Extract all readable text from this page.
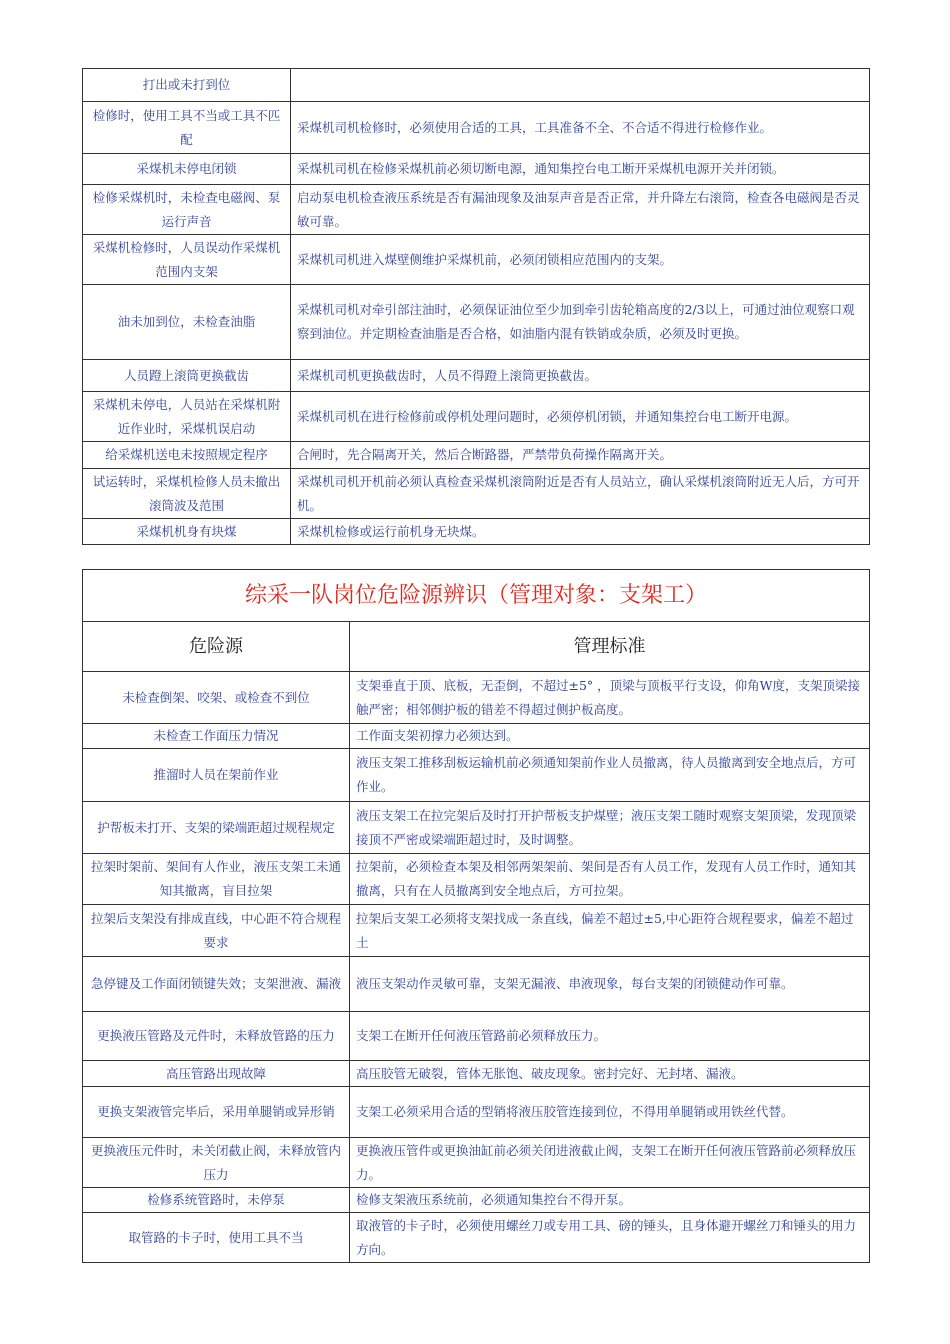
打出或未打到位	
检修时，使用工具不当或工具不匹配	采煤机司机检修时，必须使用合适的工具，工具准备不全、不合适不得进行检修作业。
采煤机未停电闭锁	采煤机司机在检修采煤机前必须切断电源，通知集控台电工断开采煤机电源开关并闭锁。
检修采煤机时，未检查电磁阀、泵运行声音	启动泵电机检查液压系统是否有漏油现象及油泵声音是否正常，并升降左右滚筒，检查各电磁阀是否灵敏可靠。
采煤机检修时，人员误动作采煤机范围内支架	采煤机司机进入煤壁侧维护采煤机前，必须闭锁相应范围内的支架。
油未加到位，未检查油脂	采煤机司机对牵引部注油时，必须保证油位至少加到牵引齿轮箱高度的2/3以上，可通过油位观察口观察到油位。并定期检查油脂是否合格，如油脂内混有铁销或杂质，必须及时更换。
人员蹬上滚筒更换截齿	采煤机司机更换截齿时，人员不得蹬上滚筒更换截齿。
采煤机未停电，人员站在采煤机附近作业时，采煤机误启动	采煤机司机在进行检修前或停机处理问题时，必须停机闭锁，并通知集控台电工断开电源。
给采煤机送电未按照规定程序	合闸时，先合隔离开关，然后合断路器，严禁带负荷操作隔离开关。
试运转时，采煤机检修人员未撤出滚筒波及范围	采煤机司机开机前必须认真检查采煤机滚筒附近是否有人员站立，确认采煤机滚筒附近无人后，方可开机。
采煤机机身有块煤	采煤机检修或运行前机身无块煤。
综采一队岗位危险源辨识（管理对象：支架工）	
危险源	管理标准
未检查倒架、咬架、或检查不到位	支架垂直于顶、底板，无歪倒，不超过±5° ，顶梁与顶板平行支设，仰角W度，支架顶梁接触严密；相邻侧护板的错差不得超过侧护板高度。
未检查工作面压力情况	工作面支架初撑力必须达到。
推溜时人员在架前作业	液压支架工推移刮板运输机前必须通知架前作业人员撤离，待人员撤离到安全地点后，方可作业。
护帮板未打开、支架的梁端距超过规程规定	液压支架工在拉完架后及时打开护帮板支护煤壁；液压支架工随时观察支架顶梁，发现顶梁接顶不严密或梁端距超过时，及时调整。
拉架时架前、架间有人作业，液压支架工未通知其撤离，盲目拉架	拉架前，必须检查本架及相邻两架架前、架间是否有人员工作，发现有人员工作时，通知其撤离，只有在人员撤离到安全地点后，方可拉架。
拉架后支架没有排成直线，中心距不符合规程要求	拉架后支架工必须将支架找成一条直线，偏差不超过±5,中心距符合规程要求，偏差不超过土
急停键及工作面闭锁键失效；支架泄液、漏液	液压支架动作灵敏可靠，支架无漏液、串液现象，每台支架的闭锁健动作可靠。
更换液压管路及元件时，未释放管路的压力	支架工在断开任何液压管路前必须释放压力。
高压管路出现故障	高压胶管无破裂，管体无胀饱、破皮现象。密封完好、无封堵、漏液。
更换支架液管完毕后，采用单腿销或异形销	支架工必须采用合适的型销将液压胶管连接到位，不得用单腿销或用铁丝代替。
更换液压元件时，未关闭截止阀，未释放管内压力	更换液压管件或更换油缸前必须关闭进液截止阀，支架工在断开任何液压管路前必须释放压力。
检修系统管路时，未停泵	检修支架液压系统前，必须通知集控台不得开泵。
取管路的卡子时，使用工具不当	取液管的卡子时，必须使用螺丝刀或专用工具、磅的锤头，且身体避开螺丝刀和锤头的用力方向。
